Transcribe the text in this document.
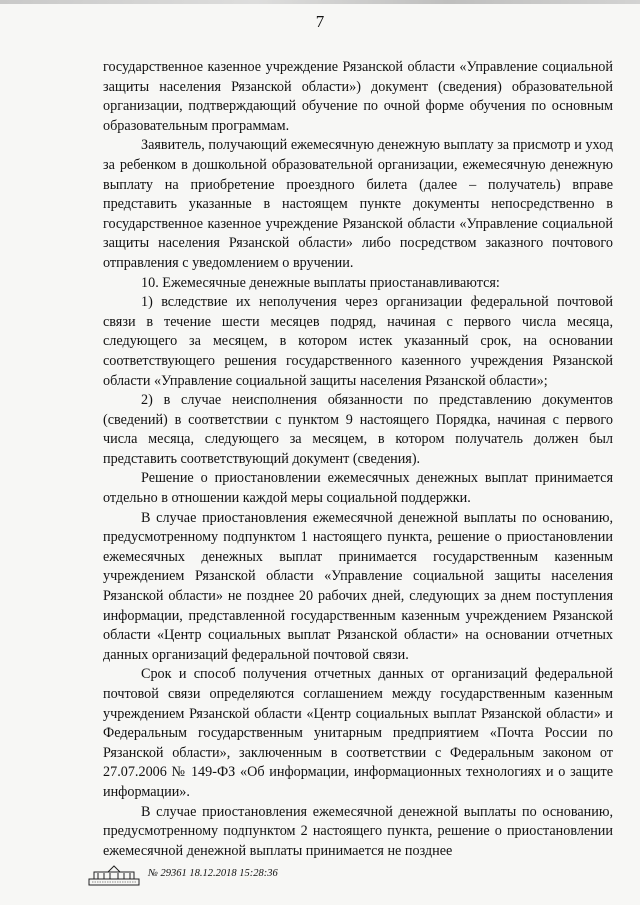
7

государственное казенное учреждение Рязанской области «Управление социальной защиты населения Рязанской области») документ (сведения) образовательной организации, подтверждающий обучение по очной форме обучения по основным образовательным программам.

Заявитель, получающий ежемесячную денежную выплату за присмотр и уход за ребенком в дошкольной образовательной организации, ежемесячную денежную выплату на приобретение проездного билета (далее – получатель) вправе представить указанные в настоящем пункте документы непосредственно в государственное казенное учреждение Рязанской области «Управление социальной защиты населения Рязанской области» либо посредством заказного почтового отправления с уведомлением о вручении.

10. Ежемесячные денежные выплаты приостанавливаются:

1) вследствие их неполучения через организации федеральной почтовой связи в течение шести месяцев подряд, начиная с первого числа месяца, следующего за месяцем, в котором истек указанный срок, на основании соответствующего решения государственного казенного учреждения Рязанской области «Управление социальной защиты населения Рязанской области»;

2) в случае неисполнения обязанности по представлению документов (сведений) в соответствии с пунктом 9 настоящего Порядка, начиная с первого числа месяца, следующего за месяцем, в котором получатель должен был представить соответствующий документ (сведения).

Решение о приостановлении ежемесячных денежных выплат принимается отдельно в отношении каждой меры социальной поддержки.

В случае приостановления ежемесячной денежной выплаты по основанию, предусмотренному подпунктом 1 настоящего пункта, решение о приостановлении ежемесячных денежных выплат принимается государственным казенным учреждением Рязанской области «Управление социальной защиты населения Рязанской области» не позднее 20 рабочих дней, следующих за днем поступления информации, представленной государственным казенным учреждением Рязанской области «Центр социальных выплат Рязанской области» на основании отчетных данных организаций федеральной почтовой связи.

Срок и способ получения отчетных данных от организаций федеральной почтовой связи определяются соглашением между государственным казенным учреждением Рязанской области «Центр социальных выплат Рязанской области» и Федеральным государственным унитарным предприятием «Почта России по Рязанской области», заключенным в соответствии с Федеральным законом от 27.07.2006 № 149-ФЗ «Об информации, информационных технологиях и о защите информации».

В случае приостановления ежемесячной денежной выплаты по основанию, предусмотренному подпунктом 2 настоящего пункта, решение о приостановлении ежемесячной денежной выплаты принимается не позднее

№ 29361 18.12.2018 15:28:36
